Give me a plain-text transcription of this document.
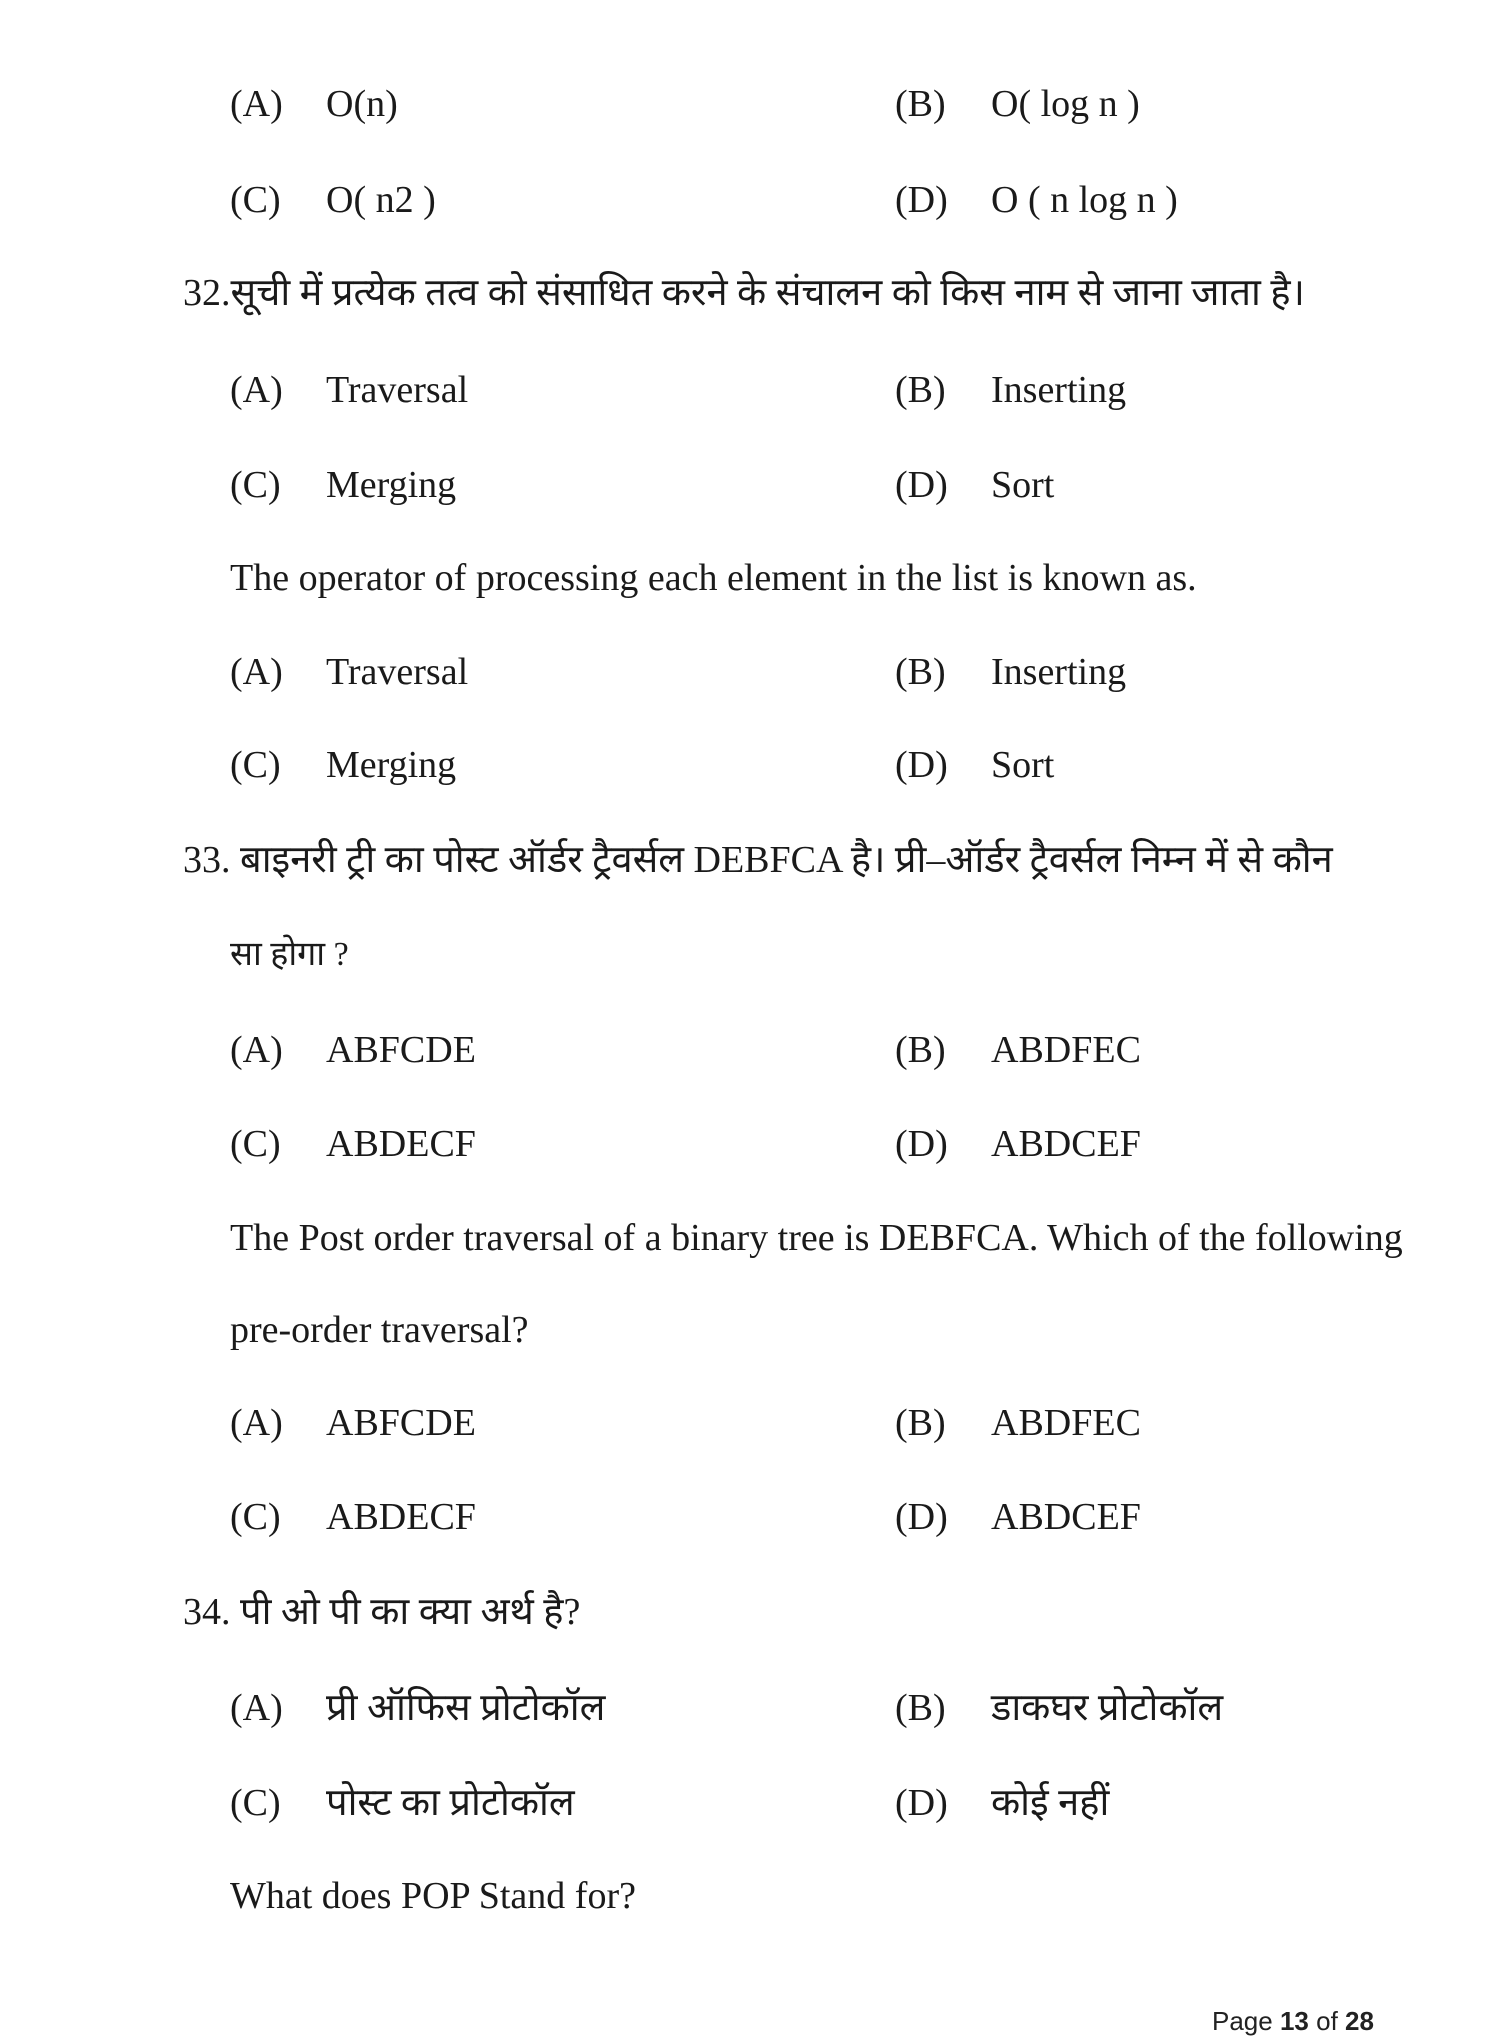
(A) O(n)	(B) O( log n )
(C) O( n2 )	(D) O ( n log n )
32.सूची में प्रत्येक तत्व को संसाधित करने के संचालन को किस नाम से जाना जाता है।
(A) Traversal	(B) Inserting
(C) Merging	(D) Sort
The operator of processing each element in the list is known as.
(A) Traversal	(B) Inserting
(C) Merging	(D) Sort
33. बाइनरी ट्री का पोस्ट ऑर्डर ट्रैवर्सल DEBFCA है। प्री–ऑर्डर ट्रैवर्सल निम्न में से कौन
सा होगा ?
(A) ABFCDE	(B) ABDFEC
(C) ABDECF	(D) ABDCEF
The Post order traversal of a binary tree is DEBFCA. Which of the following
pre-order traversal?
(A) ABFCDE	(B) ABDFEC
(C) ABDECF	(D) ABDCEF
34. पी ओ पी का क्या अर्थ है?
(A) प्री ऑफिस प्रोटोकॉल	(B) डाकघर प्रोटोकॉल
(C) पोस्ट का प्रोटोकॉल	(D) कोई नहीं
What does POP Stand for?
Page 13 of 28
